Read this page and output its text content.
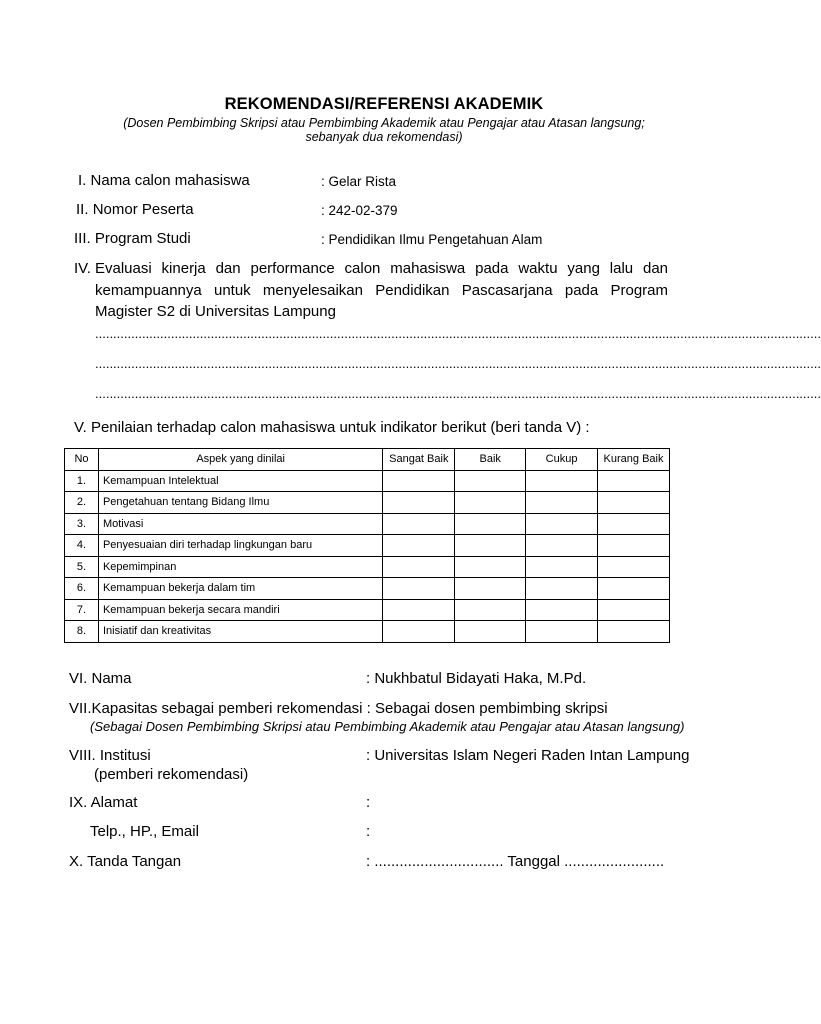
REKOMENDASI/REFERENSI AKADEMIK
(Dosen Pembimbing Skripsi atau Pembimbing Akademik atau Pengajar atau Atasan langsung;
sebanyak dua rekomendasi)
I. Nama calon mahasiswa	: Gelar Rista
II. Nomor Peserta	: 242-02-379
III. Program Studi	: Pendidikan Ilmu Pengetahuan Alam
IV. Evaluasi kinerja dan performance calon mahasiswa pada waktu yang lalu dan kemampuannya untuk menyelesaikan Pendidikan Pascasarjana pada Program Magister S2 di Universitas Lampung
.........................................................................................................................................................................................................
.........................................................................................................................................................................................................
.........................................................................................................................................................................................................
V. Penilaian terhadap calon mahasiswa untuk indikator berikut (beri tanda V) :
No	Aspek yang dinilai	Sangat Baik	Baik	Cukup	Kurang Baik
1.	Kemampuan Intelektual				
2.	Pengetahuan tentang Bidang Ilmu				
3.	Motivasi				
4.	Penyesuaian diri terhadap lingkungan baru				
5.	Kepemimpinan				
6.	Kemampuan bekerja dalam tim				
7.	Kemampuan bekerja secara mandiri				
8.	Inisiatif dan kreativitas				
VI. Nama	: Nukhbatul Bidayati Haka, M.Pd.
VII.Kapasitas sebagai pemberi rekomendasi : Sebagai dosen pembimbing skripsi
(Sebagai Dosen Pembimbing Skripsi atau Pembimbing Akademik atau Pengajar atau Atasan langsung)
VIII. Institusi
(pemberi rekomendasi)
: Universitas Islam Negeri Raden Intan Lampung
IX. Alamat	:
Telp., HP., Email	:
X. Tanda Tangan	: ............................... Tanggal ........................
